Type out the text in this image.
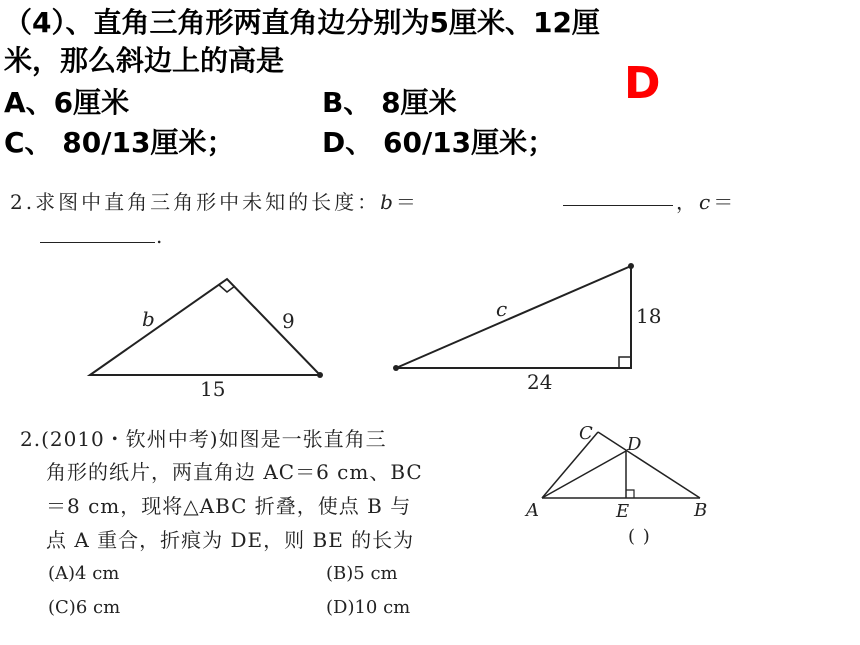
（4）、直角三角形两直角边分别为5厘米、12厘
米，那么斜边上的高是
A、6厘米	B、 8厘米
C、 80/13厘米；	D、 60/13厘米；
D
2.求图中直角三角形中未知的长度：b＝	，c＝
.
b	9
15
c	18
24
C
D
A	E	B
2.(2010・钦州中考)如图是一张直角三
角形的纸片，两直角边 AC＝6 cm、BC
＝8 cm，现将△ABC 折叠，使点 B 与
点 A 重合，折痕为 DE，则 BE 的长为	( )
(A)4 cm	(B)5 cm
(C)6 cm	(D)10 cm
